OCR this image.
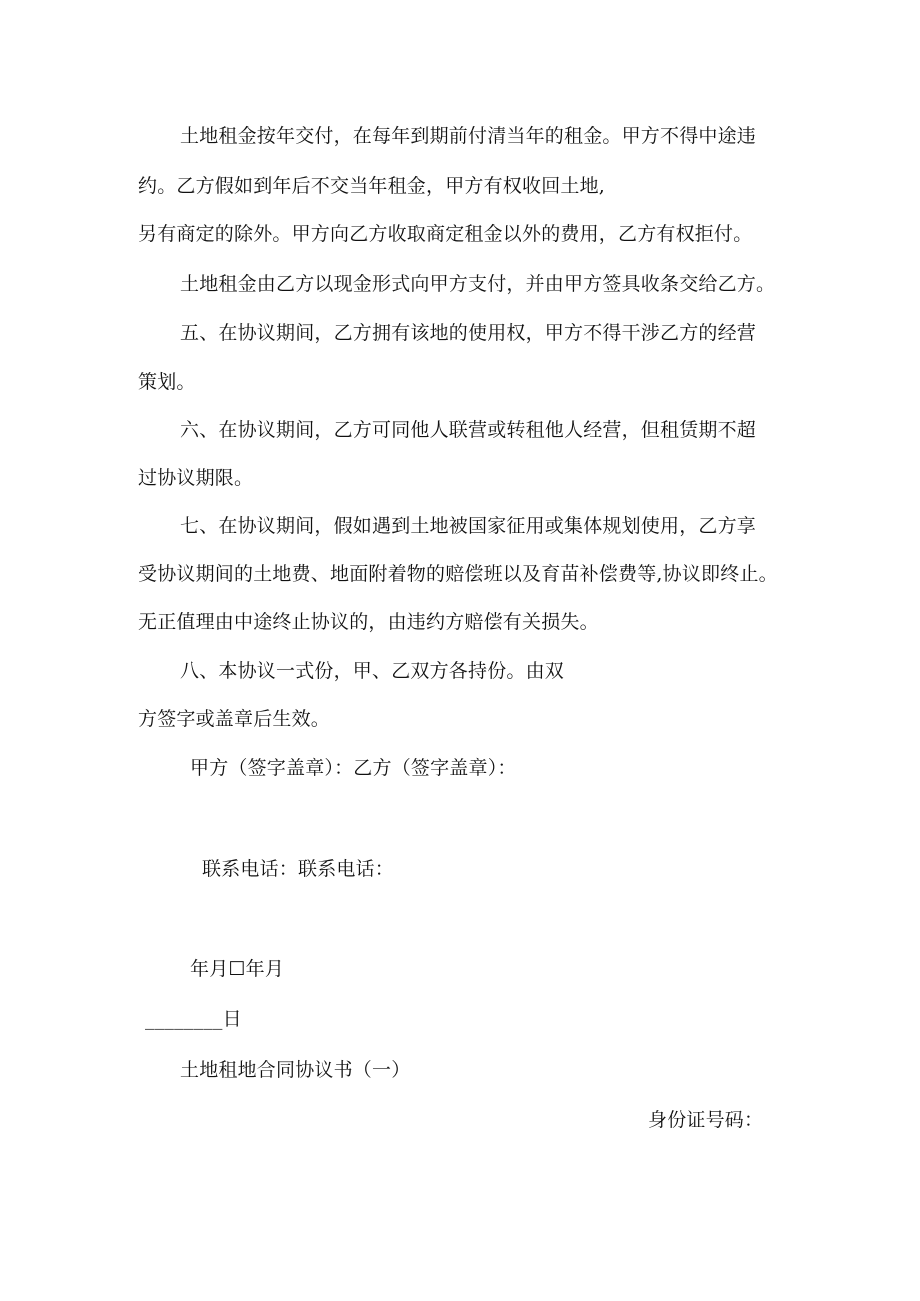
土地租金按年交付，在每年到期前付清当年的租金。甲方不得中途违
约。乙方假如到年后不交当年租金，甲方有权收回土地,
另有商定的除外。甲方向乙方收取商定租金以外的费用，乙方有权拒付。
土地租金由乙方以现金形式向甲方支付，并由甲方签具收条交给乙方。
五、在协议期间，乙方拥有该地的使用权，甲方不得干涉乙方的经营
策划。
六、在协议期间，乙方可同他人联营或转租他人经营，但租赁期不超
过协议期限。
七、在协议期间，假如遇到土地被国家征用或集体规划使用，乙方享
受协议期间的土地费、地面附着物的赔偿班以及育苗补偿费等,协议即终止。
无正值理由中途终止协议的，由违约方赔偿有关损失。
八、本协议一式份，甲、乙双方各持份。由双
方签字或盖章后生效。
甲方（签字盖章）：乙方（签字盖章）：
联系电话：联系电话：
年月☐年月
________日
土地租地合同协议书（一）
身份证号码：
